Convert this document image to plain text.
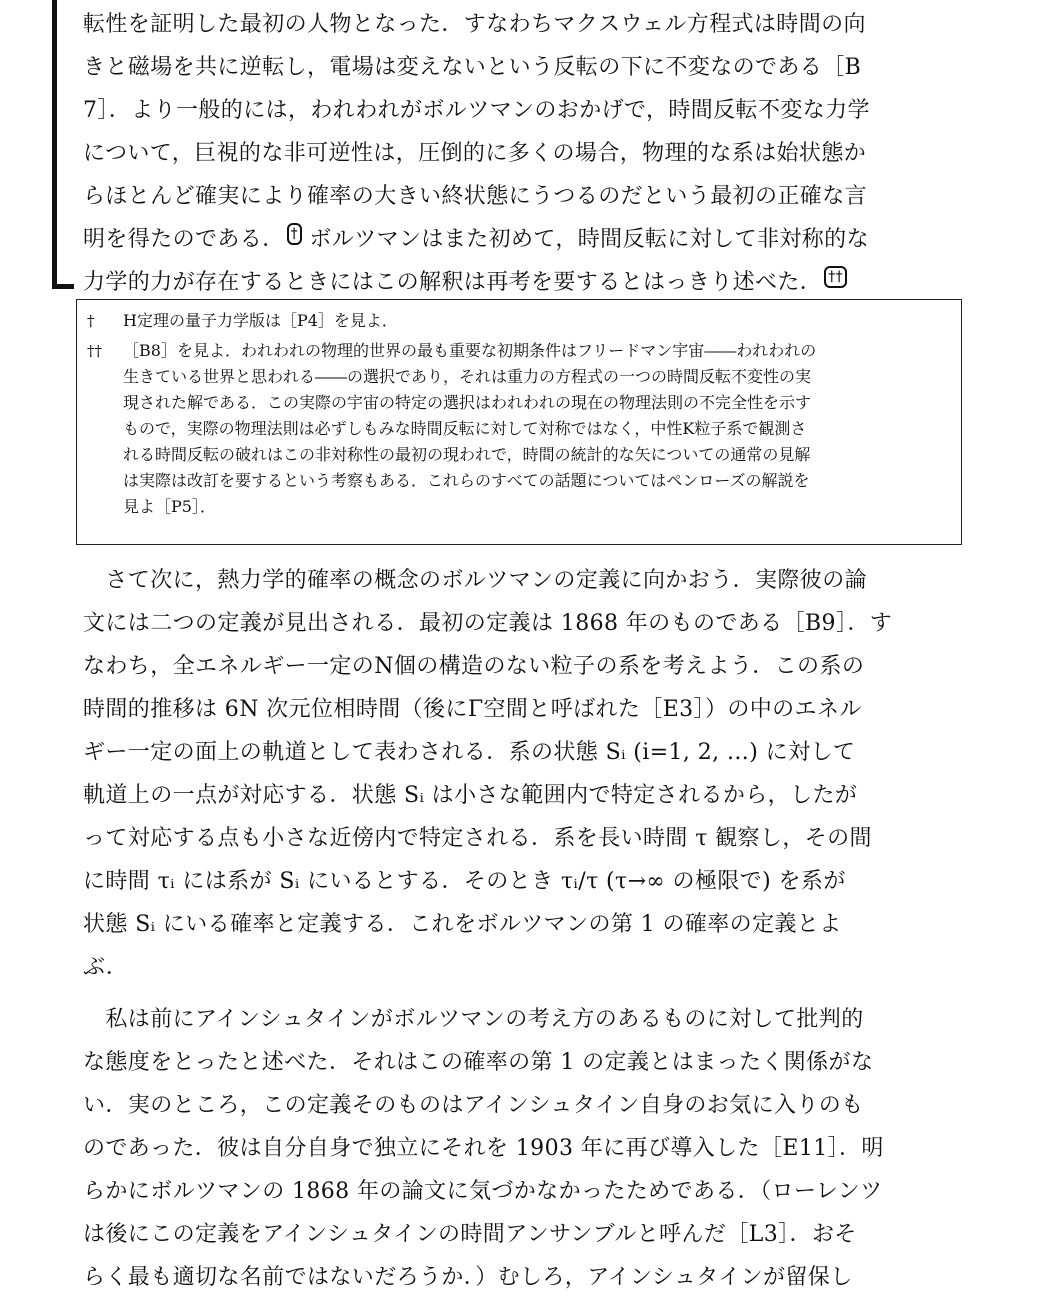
転性を証明した最初の人物となった．すなわちマクスウェル方程式は時間の向
きと磁場を共に逆転し，電場は変えないという反転の下に不変なのである［B
7］．より一般的には，われわれがボルツマンのおかげで，時間反転不変な力学
について，巨視的な非可逆性は，圧倒的に多くの場合，物理的な系は始状態か
らほとんど確実により確率の大きい終状態にうつるのだという最初の正確な言
明を得たのである． † ボルツマンはまた初めて，時間反転に対して非対称的な
力学的力が存在するときにはこの解釈は再考を要するとはっきり述べた． ††
† H定理の量子力学版は［P4］を見よ．
†† ［B8］を見よ．われわれの物理的世界の最も重要な初期条件はフリードマン宇宙――われわれの
生きている世界と思われる――の選択であり，それは重力の方程式の一つの時間反転不変性の実
現された解である．この実際の宇宙の特定の選択はわれわれの現在の物理法則の不完全性を示す
もので，実際の物理法則は必ずしもみな時間反転に対して対称ではなく，中性K粒子系で観測さ
れる時間反転の破れはこの非対称性の最初の現われで，時間の統計的な矢についての通常の見解
は実際は改訂を要するという考察もある．これらのすべての話題についてはペンローズの解説を
見よ［P5］．
　さて次に，熱力学的確率の概念のボルツマンの定義に向かおう．実際彼の論
文には二つの定義が見出される．最初の定義は 1868 年のものである［B9］．す
なわち，全エネルギー一定のN個の構造のない粒子の系を考えよう．この系の
時間的推移は 6N 次元位相時間（後にΓ空間と呼ばれた［E3］）の中のエネル
ギー一定の面上の軌道として表わされる．系の状態 Sᵢ (i=1, 2, …) に対して
軌道上の一点が対応する．状態 Sᵢ は小さな範囲内で特定されるから，したが
って対応する点も小さな近傍内で特定される．系を長い時間 τ 観察し，その間
に時間 τᵢ には系が Sᵢ にいるとする．そのとき τᵢ/τ (τ→∞ の極限で) を系が
状態 Sᵢ にいる確率と定義する．これをボルツマンの第 1 の確率の定義とよ
ぶ．
　私は前にアインシュタインがボルツマンの考え方のあるものに対して批判的
な態度をとったと述べた．それはこの確率の第 1 の定義とはまったく関係がな
い．実のところ，この定義そのものはアインシュタイン自身のお気に入りのも
のであった．彼は自分自身で独立にそれを 1903 年に再び導入した［E11］．明
らかにボルツマンの 1868 年の論文に気づかなかったためである．（ローレンツ
は後にこの定義をアインシュタインの時間アンサンブルと呼んだ［L3］．おそ
らく最も適切な名前ではないだろうか．）むしろ，アインシュタインが留保し
